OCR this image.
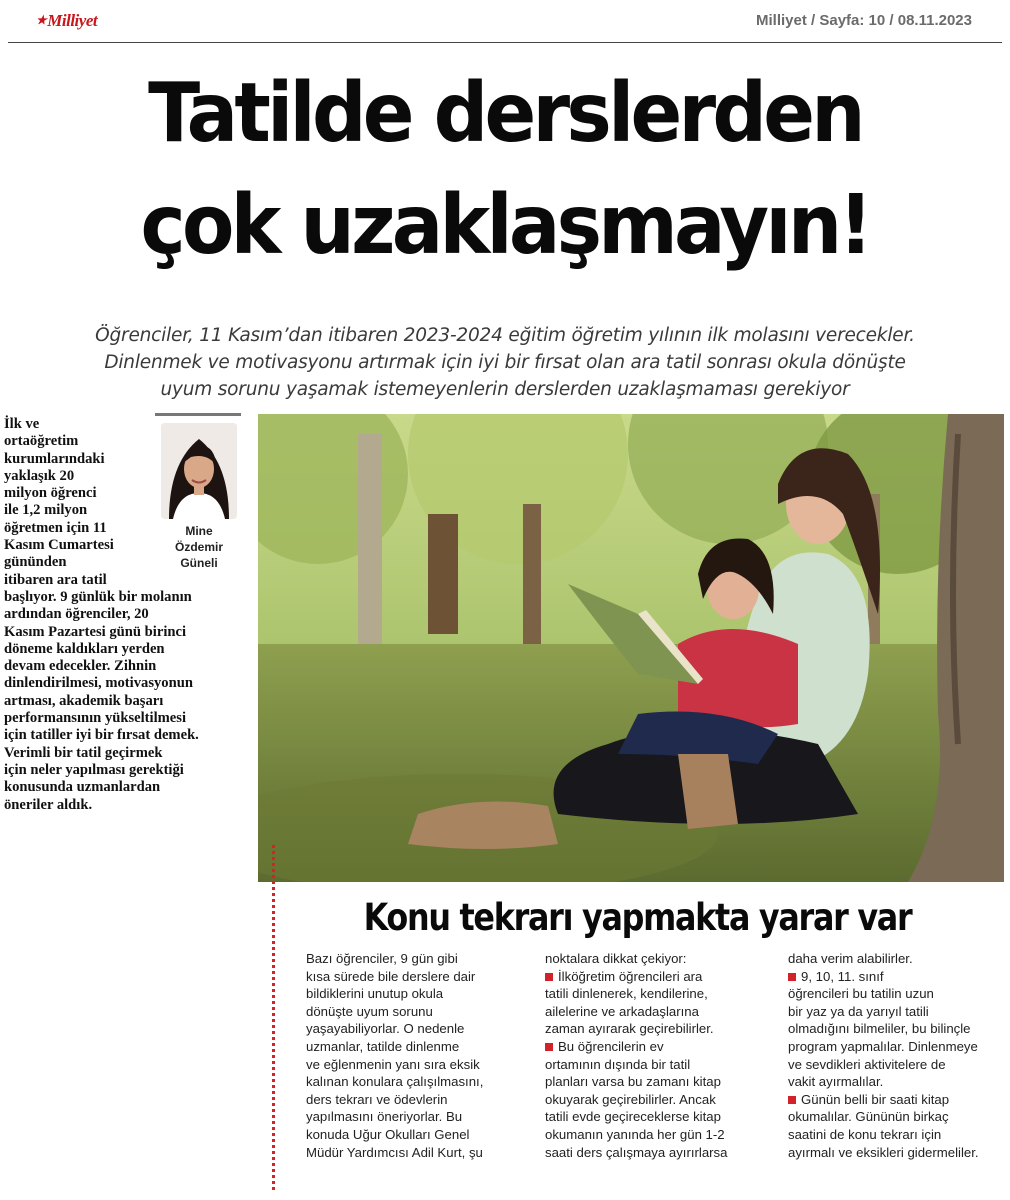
★Milliyet	Milliyet / Sayfa: 10 / 08.11.2023
Tatilde derslerden
çok uzaklaşmayın!
Öğrenciler, 11 Kasım’dan itibaren 2023-2024 eğitim öğretim yılının ilk molasını verecekler.
Dinlenmek ve motivasyonu artırmak için iyi bir fırsat olan ara tatil sonrası okula dönüşte
uyum sorunu yaşamak istemeyenlerin derslerden uzaklaşmaması gerekiyor
Mine
Özdemir
Güneli
İlk ve
ortaöğretim
kurumlarındaki
yaklaşık 20
milyon öğrenci
ile 1,2 milyon
öğretmen için 11
Kasım Cumartesi
gününden
itibaren ara tatil
başlıyor. 9 günlük bir molanın
ardından öğrenciler, 20
Kasım Pazartesi günü birinci
döneme kaldıkları yerden
devam edecekler. Zihnin
dinlendirilmesi, motivasyonun
artması, akademik başarı
performansının yükseltilmesi
için tatiller iyi bir fırsat demek.
Verimli bir tatil geçirmek
için neler yapılması gerektiği
konusunda uzmanlardan
öneriler aldık.
Konu tekrarı yapmakta yarar var
Bazı öğrenciler, 9 gün gibi
kısa sürede bile derslere dair
bildiklerini unutup okula
dönüşte uyum sorunu
yaşayabiliyorlar. O nedenle
uzmanlar, tatilde dinlenme
ve eğlenmenin yanı sıra eksik
kalınan konulara çalışılmasını,
ders tekrarı ve ödevlerin
yapılmasını öneriyorlar. Bu
konuda Uğur Okulları Genel
Müdür Yardımcısı Adil Kurt, şu
noktalara dikkat çekiyor:
İlköğretim öğrencileri ara
tatili dinlenerek, kendilerine,
ailelerine ve arkadaşlarına
zaman ayırarak geçirebilirler.
Bu öğrencilerin ev
ortamının dışında bir tatil
planları varsa bu zamanı kitap
okuyarak geçirebilirler. Ancak
tatili evde geçireceklerse kitap
okumanın yanında her gün 1-2
saati ders çalışmaya ayırırlarsa
daha verim alabilirler.
9, 10, 11. sınıf
öğrencileri bu tatilin uzun
bir yaz ya da yarıyıl tatili
olmadığını bilmeliler, bu bilinçle
program yapmalılar. Dinlenmeye
ve sevdikleri aktivitelere de
vakit ayırmalılar.
Günün belli bir saati kitap
okumalılar. Gününün birkaç
saatini de konu tekrarı için
ayırmalı ve eksikleri gidermeliler.
